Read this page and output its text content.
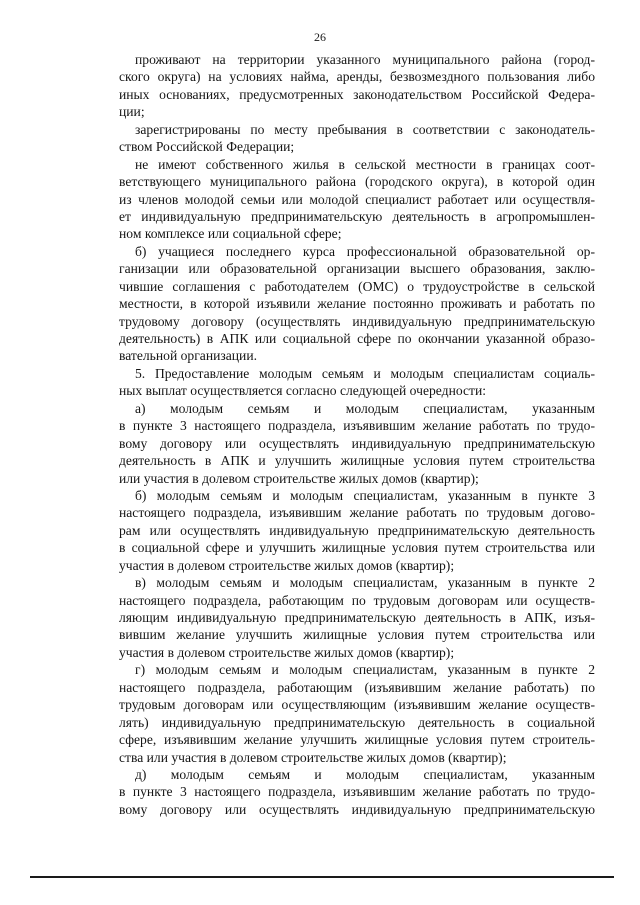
26
проживают на территории указанного муниципального района (город-
ского округа) на условиях найма, аренды, безвозмездного пользования либо
иных основаниях, предусмотренных законодательством Российской Федера-
ции;
зарегистрированы по месту пребывания в соответствии с законодатель-
ством Российской Федерации;
не имеют собственного жилья в сельской местности в границах соот-
ветствующего муниципального района (городского округа), в которой один
из членов молодой семьи или молодой специалист работает или осуществля-
ет индивидуальную предпринимательскую деятельность в агропромышлен-
ном комплексе или социальной сфере;
б) учащиеся последнего курса профессиональной образовательной ор-
ганизации или образовательной организации высшего образования, заклю-
чившие соглашения с работодателем (ОМС) о трудоустройстве в сельской
местности, в которой изъявили желание постоянно проживать и работать по
трудовому договору (осуществлять индивидуальную предпринимательскую
деятельность) в АПК или социальной сфере по окончании указанной образо-
вательной организации.
5. Предоставление молодым семьям и молодым специалистам социаль-
ных выплат осуществляется согласно следующей очередности:
а) молодым семьям и молодым специалистам, указанным
в пункте 3 настоящего подраздела, изъявившим желание работать по трудо-
вому договору или осуществлять индивидуальную предпринимательскую
деятельность в АПК и улучшить жилищные условия путем строительства
или участия в долевом строительстве жилых домов (квартир);
б) молодым семьям и молодым специалистам, указанным в пункте 3
настоящего подраздела, изъявившим желание работать по трудовым догово-
рам или осуществлять индивидуальную предпринимательскую деятельность
в социальной сфере и улучшить жилищные условия путем строительства или
участия в долевом строительстве жилых домов (квартир);
в) молодым семьям и молодым специалистам, указанным в пункте 2
настоящего подраздела, работающим по трудовым договорам или осуществ-
ляющим индивидуальную предпринимательскую деятельность в АПК, изъя-
вившим желание улучшить жилищные условия путем строительства или
участия в долевом строительстве жилых домов (квартир);
г) молодым семьям и молодым специалистам, указанным в пункте 2
настоящего подраздела, работающим (изъявившим желание работать) по
трудовым договорам или осуществляющим (изъявившим желание осуществ-
лять) индивидуальную предпринимательскую деятельность в социальной
сфере, изъявившим желание улучшить жилищные условия путем строитель-
ства или участия в долевом строительстве жилых домов (квартир);
д) молодым семьям и молодым специалистам, указанным
в пункте 3 настоящего подраздела, изъявившим желание работать по трудо-
вому договору или осуществлять индивидуальную предпринимательскую
